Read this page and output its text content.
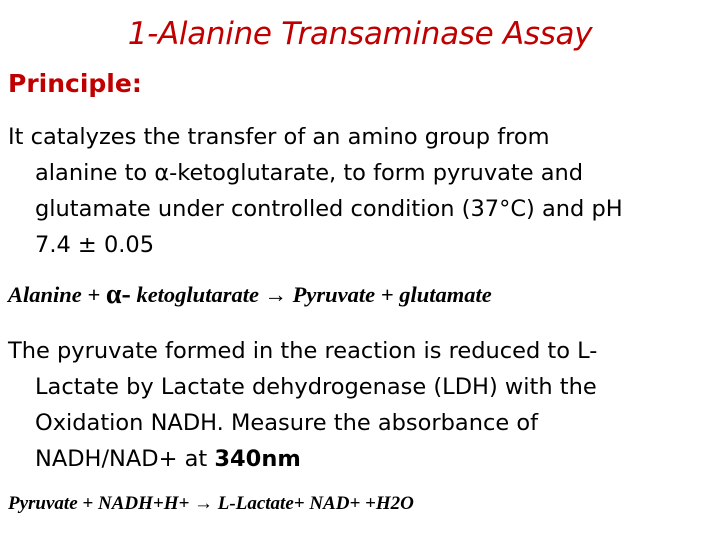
1-Alanine Transaminase Assay
Principle:
It catalyzes the transfer of an amino group from
alanine to α-ketoglutarate, to form pyruvate and
glutamate under controlled condition (37°C) and pH
7.4 ± 0.05
Alanine + α- ketoglutarate → Pyruvate + glutamate
The pyruvate formed in the reaction is reduced to L-
Lactate by Lactate dehydrogenase (LDH) with the
Oxidation NADH. Measure the absorbance of
NADH/NAD+ at 340nm
Pyruvate + NADH+H+ → L-Lactate+ NAD+ +H2O
